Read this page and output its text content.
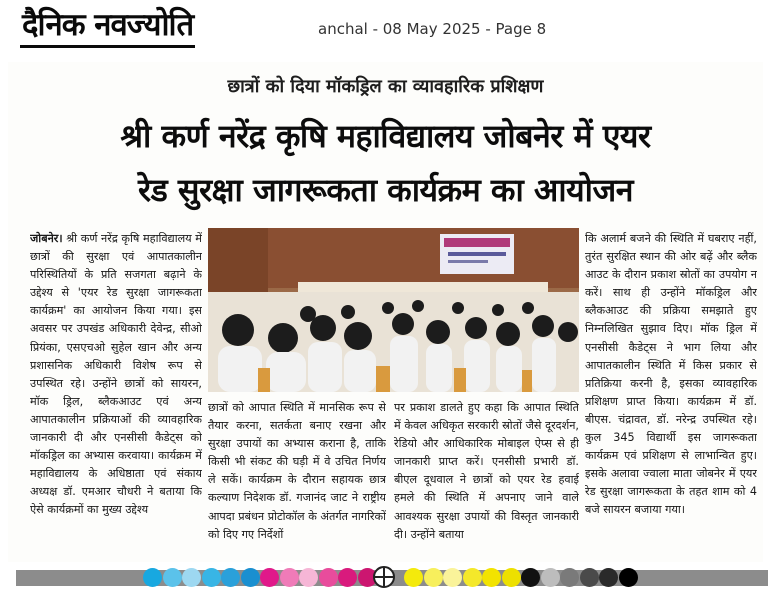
दैनिक नवज्योति	anchal - 08 May 2025 - Page 8
छात्रों को दिया मॉकड्रिल का व्यावहारिक प्रशिक्षण
श्री कर्ण नरेंद्र कृषि महाविद्यालय जोबनेर में एयर
रेड सुरक्षा जागरूकता कार्यक्रम का आयोजन
जोबनेर। श्री कर्ण नरेंद्र कृषि महाविद्यालय में छात्रों की सुरक्षा एवं आपातकालीन परिस्थितियों के प्रति सजगता बढ़ाने के उद्देश्य से 'एयर रेड सुरक्षा जागरूकता कार्यक्रम' का आयोजन किया गया। इस अवसर पर उपखंड अधिकारी देवेन्द्र, सीओ प्रियंका, एसएचओ सुहेल खान और अन्य प्रशासनिक अधिकारी विशेष रूप से उपस्थित रहे। उन्होंने छात्रों को सायरन, मॉक ड्रिल, ब्लैकआउट एवं अन्य आपातकालीन प्रक्रियाओं की व्यावहारिक जानकारी दी और एनसीसी कैडेट्स को मॉकड्रिल का अभ्यास करवाया। कार्यक्रम में महाविद्यालय के अधिष्ठाता एवं संकाय अध्यक्ष डॉ. एमआर चौधरी ने बताया कि ऐसे कार्यक्रमों का मुख्य उद्देश्य
छात्रों को आपात स्थिति में मानसिक रूप से तैयार करना, सतर्कता बनाए रखना और सुरक्षा उपायों का अभ्यास कराना है, ताकि किसी भी संकट की घड़ी में वे उचित निर्णय ले सकें। कार्यक्रम के दौरान सहायक छात्र कल्याण निदेशक डॉ. गजानंद जाट ने राष्ट्रीय आपदा प्रबंधन प्रोटोकॉल के अंतर्गत नागरिकों को दिए गए निर्देशों
पर प्रकाश डालते हुए कहा कि आपात स्थिति में केवल अधिकृत सरकारी स्रोतों जैसे दूरदर्शन, रेडियो और आधिकारिक मोबाइल ऐप्स से ही जानकारी प्राप्त करें। एनसीसी प्रभारी डॉ. बीएल दूधवाल ने छात्रों को एयर रेड हवाई हमले की स्थिति में अपनाए जाने वाले आवश्यक सुरक्षा उपायों की विस्तृत जानकारी दी। उन्होंने बताया
कि अलार्म बजने की स्थिति में घबराए नहीं, तुरंत सुरक्षित स्थान की ओर बढ़ें और ब्लैक आउट के दौरान प्रकाश स्रोतों का उपयोग न करें। साथ ही उन्होंने मॉकड्रिल और ब्लैकआउट की प्रक्रिया समझाते हुए निम्नलिखित सुझाव दिए। मॉक ड्रिल में एनसीसी कैडेट्स ने भाग लिया और आपातकालीन स्थिति में किस प्रकार से प्रतिक्रिया करनी है, इसका व्यावहारिक प्रशिक्षण प्राप्त किया। कार्यक्रम में डॉ. बीएस. चंद्रावत, डॉ. नरेन्द्र उपस्थित रहे। कुल 345 विद्यार्थी इस जागरूकता कार्यक्रम एवं प्रशिक्षण से लाभान्वित हुए। इसके अलावा ज्वाला माता जोबनेर में एयर रेड सुरक्षा जागरूकता के तहत शाम को 4 बजे सायरन बजाया गया।
